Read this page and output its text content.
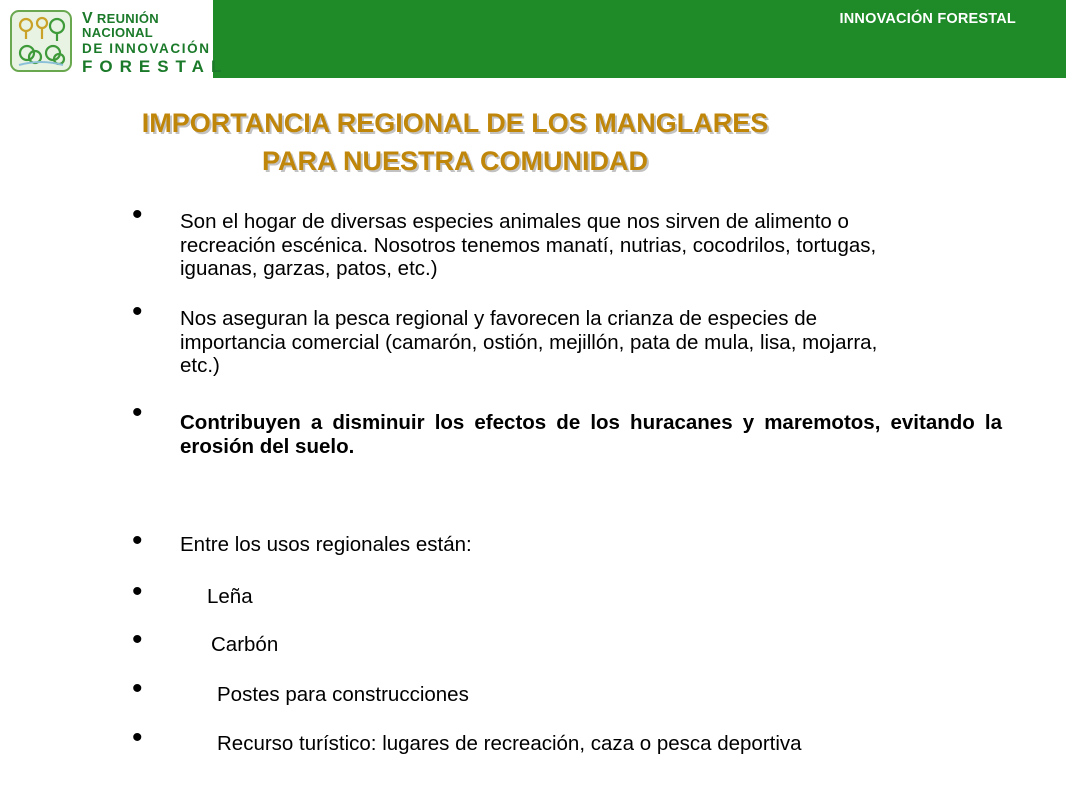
INNOVACIÓN FORESTAL
V REUNIÓN NACIONAL
DE INNOVACIÓN
FORESTAL
IMPORTANCIA REGIONAL DE LOS MANGLARES
PARA NUESTRA COMUNIDAD
•	Son el hogar de diversas especies animales que nos sirven de alimento o recreación escénica. Nosotros tenemos manatí, nutrias, cocodrilos, tortugas, iguanas, garzas, patos, etc.)
•	Nos aseguran la pesca regional y favorecen la crianza de especies de importancia comercial (camarón, ostión, mejillón, pata de mula, lisa, mojarra, etc.)
•	Contribuyen a disminuir los efectos de los huracanes y maremotos, evitando la erosión del suelo.
•	Entre los usos regionales están:
•	Leña
•	Carbón
•	Postes para construcciones
•	Recurso turístico: lugares de recreación, caza o pesca deportiva
